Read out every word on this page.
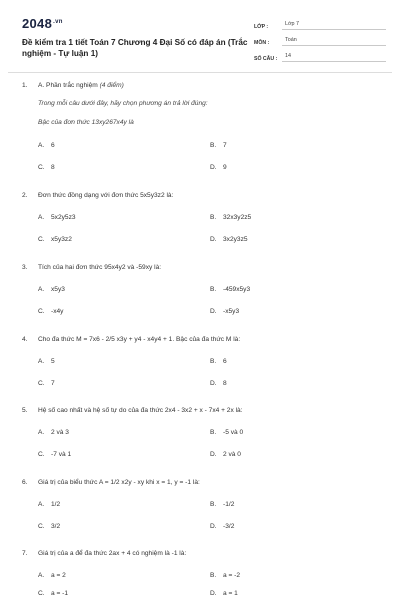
$2048^{.vn}$
Đề kiểm tra 1 tiết Toán 7 Chương 4 Đại Số có đáp án (Trắc nghiệm - Tự luận 1)
LỚP :	Lớp 7
MÔN :	Toán
SỐ CÂU :	14
1.	A. Phần trắc nghiệm (4 điểm)
Trong mỗi câu dưới đây, hãy chọn phương án trả lời đúng:
Bậc của đơn thức 13xy267x4y là
A.	6	B.	7
C. 8	D. 9
2.	Đơn thức đồng dạng với đơn thức 5x5y3z2 là:
A.	5x2y5z3	B.	32x3y2z5
C. x5y3z2	D. 3x2y3z5
3.	Tích của hai đơn thức 95x4y2 và -59xy là:
A.	x5y3	B.	-459x5y3
C. -x4y	D. -x5y3
4.	Cho đa thức M = 7x6 - 2/5 x3y + y4 - x4y4 + 1. Bậc của đa thức M là:
A.	5	B.	6
C. 7	D. 8
5.	Hệ số cao nhất và hệ số tự do của đa thức 2x4 - 3x2 + x - 7x4 + 2x là:
A.	2 và 3	B.	-5 và 0
C. -7 và 1	D. 2 và 0
6.	Giá trị của biểu thức A = 1/2 x2y - xy khi x = 1, y = -1 là:
A.	1/2	B.	-1/2
C. 3/2	D. -3/2
7.	Giá trị của a để đa thức 2ax + 4 có nghiệm là -1 là:
A.	a = 2	B.	a = -2
C. a = -1	D. a = 1
